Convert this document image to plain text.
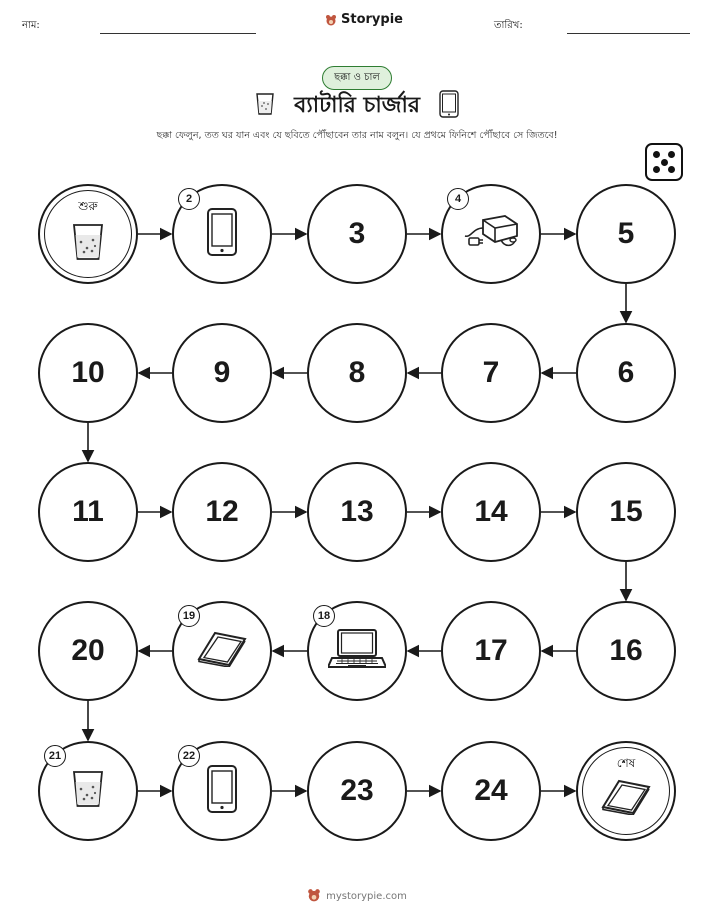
নাম:	Storypie	তারিখ:
ছক্কা ও চাল
ব্যাটারি চার্জার
ছক্কা ফেলুন, তত ঘর যান এবং যে ছবিতে পৌঁছাবেন তার নাম বলুন। যে প্রথমে ফিনিশে পৌঁছাবে সে জিতবে!
শুরু	2
3
4
5
6
7
8
9
10
11	12	13	14	15
16
17
18
19
20
21	22
23	24
শেষ
mystorypie.com
